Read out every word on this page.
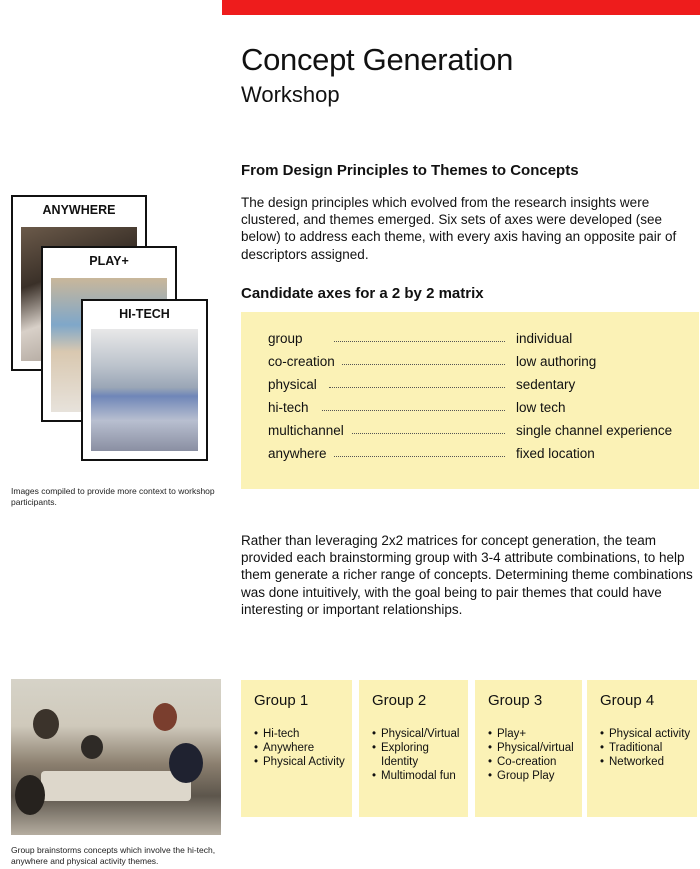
Concept Generation
Workshop
From Design Principles to Themes to Concepts
The design principles which evolved from the research insights were clustered, and themes emerged. Six sets of axes were developed (see below) to address each theme, with every axis having an opposite pair of descriptors assigned.
ANYWHERE
PLAY+
HI-TECH
Images compiled to provide more context to workshop participants.
Candidate axes for a 2 by 2 matrix
group	individual
co-creation	low authoring
physical	sedentary
hi-tech	low tech
multichannel	single channel experience
anywhere	fixed location
Rather than leveraging 2x2 matrices for concept generation, the team provided each brainstorming group with 3-4 attribute combinations, to help them generate a richer range of concepts. Determining theme combinations was done intuitively, with the goal being to pair themes that could have interesting or important relationships.
Group brainstorms concepts which involve the hi-tech, anywhere and physical activity themes.
Group 1
• Hi-tech
• Anywhere
• Physical Activity
Group 2
• Physical/Virtual
• Exploring
Identity
• Multimodal fun
Group 3
• Play+
• Physical/virtual
• Co-creation
• Group Play
Group 4
• Physical activity
• Traditional
• Networked
